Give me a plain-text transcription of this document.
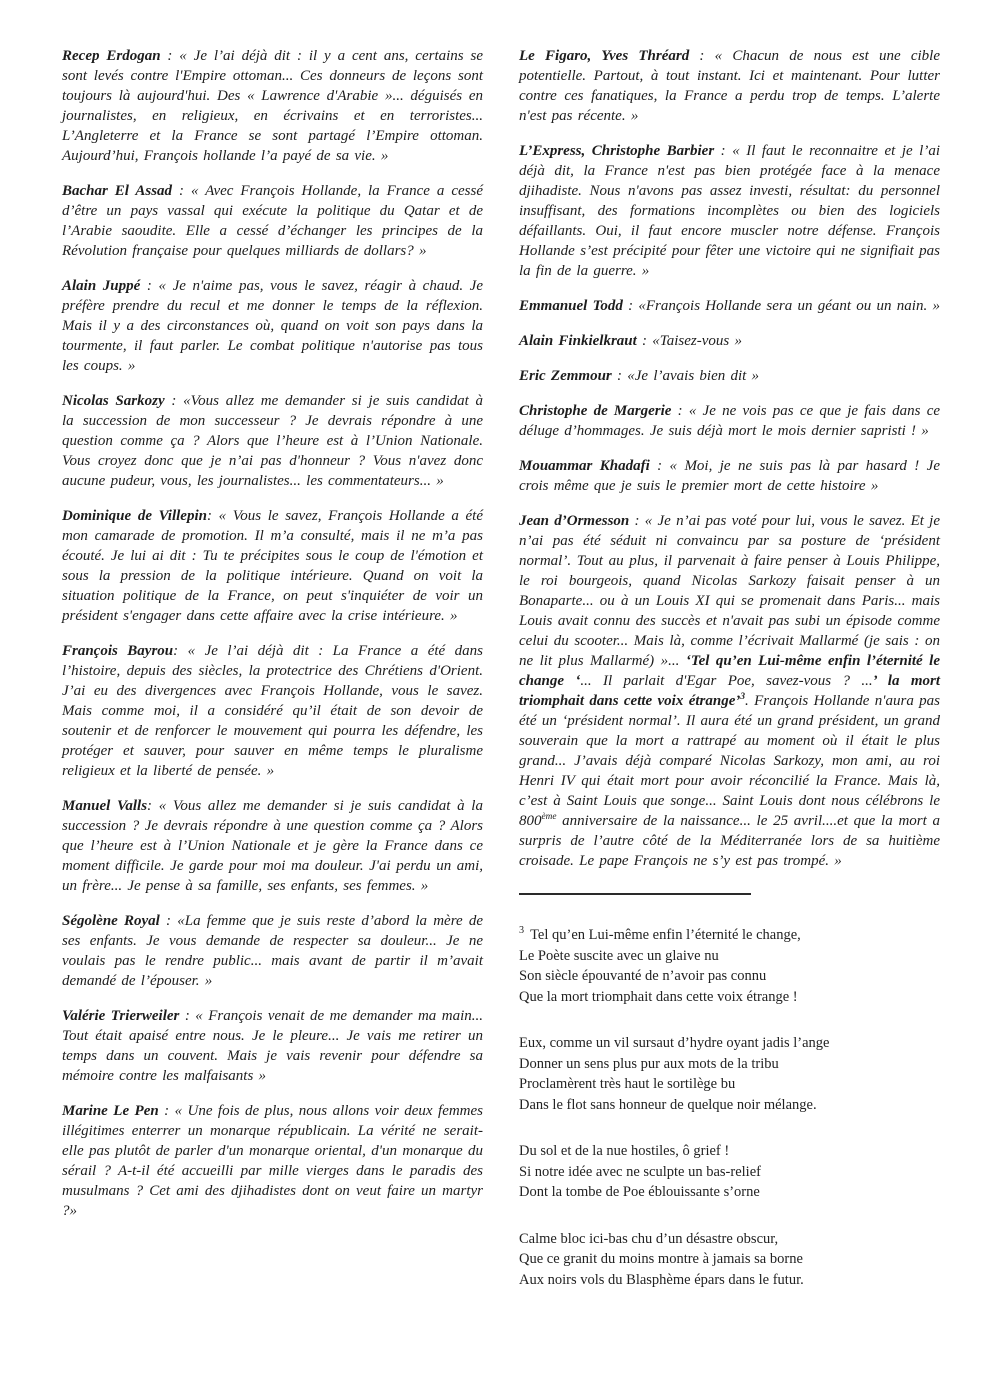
Recep Erdogan : « Je l’ai déjà dit : il y a cent ans, certains se sont levés contre l'Empire ottoman... Ces donneurs de leçons sont toujours là aujourd'hui. Des « Lawrence d'Arabie »... déguisés en journalistes, en religieux, en écrivains et en terroristes... L’Angleterre et la France se sont partagé l’Empire ottoman. Aujourd’hui, François hollande l’a payé de sa vie. »

Bachar El Assad : « Avec François Hollande, la France a cessé d’être un pays vassal qui exécute la politique du Qatar et de l’Arabie saoudite. Elle a cessé d’échanger les principes de la Révolution française pour quelques milliards de dollars? »

Alain Juppé : « Je n'aime pas, vous le savez, réagir à chaud. Je préfère prendre du recul et me donner le temps de la réflexion. Mais il y a des circonstances où, quand on voit son pays dans la tourmente, il faut parler. Le combat politique n'autorise pas tous les coups. »

Nicolas Sarkozy : «Vous allez me demander si je suis candidat à la succession de mon successeur ? Je devrais répondre à une question comme ça ? Alors que l’heure est à l’Union Nationale. Vous croyez donc que je n’ai pas d'honneur ? Vous n'avez donc aucune pudeur, vous, les journalistes... les commentateurs... »

Dominique de Villepin: « Vous le savez, François Hollande a été mon camarade de promotion. Il m’a consulté, mais il ne m’a pas écouté. Je lui ai dit : Tu te précipites sous le coup de l'émotion et sous la pression de la politique intérieure. Quand on voit la situation politique de la France, on peut s'inquiéter de voir un président s'engager dans cette affaire avec la crise intérieure. »

François Bayrou: « Je l’ai déjà dit : La France a été dans l’histoire, depuis des siècles, la protectrice des Chrétiens d'Orient. J’ai eu des divergences avec François Hollande, vous le savez. Mais comme moi, il a considéré qu’il était de son devoir de soutenir et de renforcer le mouvement qui pourra les défendre, les protéger et sauver, pour sauver en même temps le pluralisme religieux et la liberté de pensée. »

Manuel Valls: « Vous allez me demander si je suis candidat à la succession ? Je devrais répondre à une question comme ça ? Alors que l’heure est à l’Union Nationale et je gère la France dans ce moment difficile. Je garde pour moi ma douleur. J'ai perdu un ami, un frère... Je pense à sa famille, ses enfants, ses femmes. »

Ségolène Royal : «La femme que je suis reste d’abord la mère de ses enfants. Je vous demande de respecter sa douleur... Je ne voulais pas le rendre public... mais avant de partir il m’avait demandé de l’épouser. »

Valérie Trierweiler : « François venait de me demander ma main... Tout était apaisé entre nous. Je le pleure... Je vais me retirer un temps dans un couvent. Mais je vais revenir pour défendre sa mémoire contre les malfaisants »

Marine Le Pen : « Une fois de plus, nous allons voir deux femmes illégitimes enterrer un monarque républicain. La vérité ne serait-elle pas plutôt de parler d'un monarque oriental, d'un monarque du sérail ? A-t-il été accueilli par mille vierges dans le paradis des musulmans ? Cet ami des djihadistes dont on veut faire un martyr ?»

Le Figaro, Yves Thréard : « Chacun de nous est une cible potentielle. Partout, à tout instant. Ici et maintenant. Pour lutter contre ces fanatiques, la France a perdu trop de temps. L’alerte n'est pas récente. »

L’Express, Christophe Barbier : « Il faut le reconnaitre et je l’ai déjà dit, la France n'est pas bien protégée face à la menace djihadiste. Nous n'avons pas assez investi, résultat: du personnel insuffisant, des formations incomplètes ou bien des logiciels défaillants. Oui, il faut encore muscler notre défense. François Hollande s’est précipité pour fêter une victoire qui ne signifiait pas la fin de la guerre. »

Emmanuel Todd : «François Hollande sera un géant ou un nain. »

Alain Finkielkraut : «Taisez-vous »

Eric Zemmour : «Je l’avais bien dit »

Christophe de Margerie : « Je ne vois pas ce que je fais dans ce déluge d’hommages. Je suis déjà mort le mois dernier sapristi ! »

Mouammar Khadafi : « Moi, je ne suis pas là par hasard ! Je crois même que je suis le premier mort de cette histoire »

Jean d’Ormesson : « Je n’ai pas voté pour lui, vous le savez. Et je n’ai pas été séduit ni convaincu par sa posture de ‘président normal’. Tout au plus, il parvenait à faire penser à Louis Philippe, le roi bourgeois, quand Nicolas Sarkozy faisait penser à un Bonaparte... ou à un Louis XI qui se promenait dans Paris... mais Louis avait connu des succès et n'avait pas subi un épisode comme celui du scooter... Mais là, comme l’écrivait Mallarmé (je sais : on ne lit plus Mallarmé) »... ‘Tel qu’en Lui-même enfin l’éternité le change ‘... Il parlait d'Egar Poe, savez-vous ? ...’ la mort triomphait dans cette voix étrange’$^3$. François Hollande n'aura pas été un ‘président normal’. Il aura été un grand président, un grand souverain que la mort a rattrapé au moment où il était le plus grand... J’avais déjà comparé Nicolas Sarkozy, mon ami, au roi Henri IV qui était mort pour avoir réconcilié la France. Mais là, c’est à Saint Louis que songe... Saint Louis dont nous célébrons le 800ème anniversaire de la naissance... le 25 avril....et que la mort a surpris de l’autre côté de la Méditerranée lors de sa huitième croisade. Le pape François ne s’y est pas trompé. »

$^3$ Tel qu’en Lui-même enfin l’éternité le change,
Le Poète suscite avec un glaive nu
Son siècle épouvanté de n’avoir pas connu
Que la mort triomphait dans cette voix étrange !
Eux, comme un vil sursaut d’hydre oyant jadis l’ange
Donner un sens plus pur aux mots de la tribu
Proclamèrent très haut le sortilège bu
Dans le flot sans honneur de quelque noir mélange.
Du sol et de la nue hostiles, ô grief !
Si notre idée avec ne sculpte un bas-relief
Dont la tombe de Poe éblouissante s’orne
Calme bloc ici-bas chu d’un désastre obscur,
Que ce granit du moins montre à jamais sa borne
Aux noirs vols du Blasphème épars dans le futur.
